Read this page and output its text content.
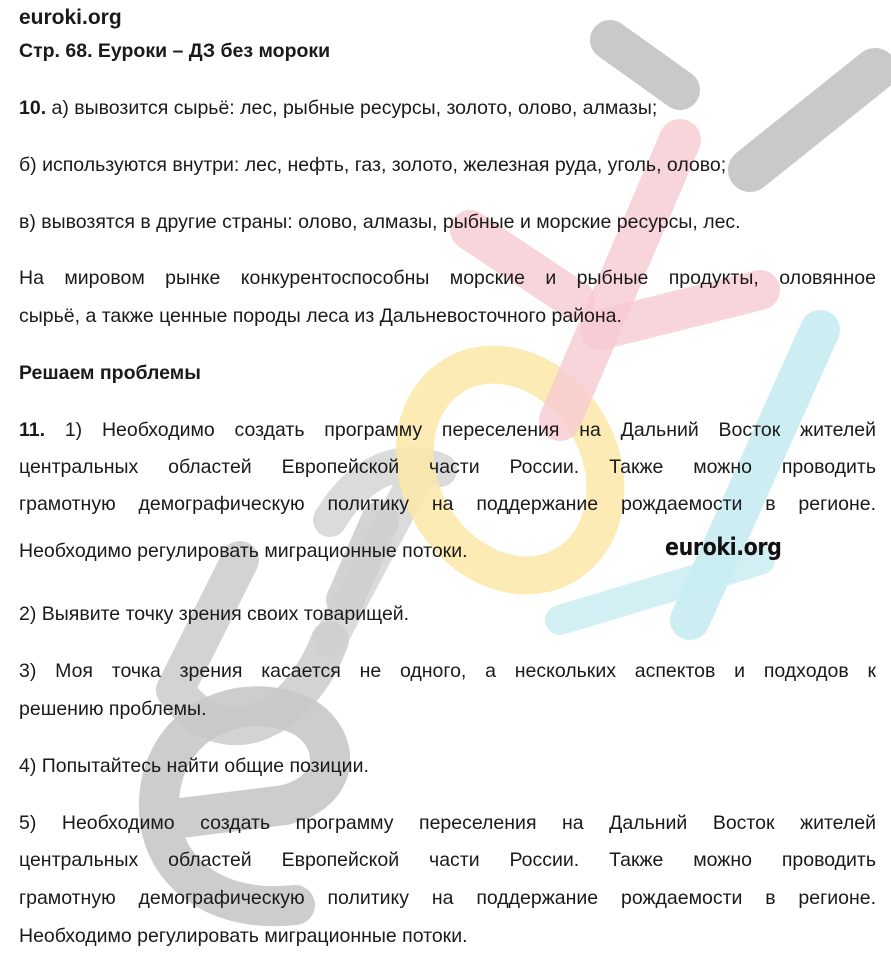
euroki.org
Стр. 68. Еуроки – ДЗ без мороки
10. а) вывозится сырьё: лес, рыбные ресурсы, золото, олово, алмазы;
б) используются внутри: лес, нефть, газ, золото, железная руда, уголь, олово;
в) вывозятся в другие страны: олово, алмазы, рыбные и морские ресурсы, лес.
На мировом рынке конкурентоспособны морские и рыбные продукты, оловянное
сырьё, а также ценные породы леса из Дальневосточного района.
Решаем проблемы
11. 1) Необходимо создать программу переселения на Дальний Восток жителей
центральных областей Европейской части России. Также можно проводить
грамотную демографическую политику на поддержание рождаемости в регионе.
Необходимо регулировать миграционные потоки.	euroki.org
2) Выявите точку зрения своих товарищей.
3) Моя точка зрения касается не одного, а нескольких аспектов и подходов к
решению проблемы.
4) Попытайтесь найти общие позиции.
5) Необходимо создать программу переселения на Дальний Восток жителей
центральных областей Европейской части России. Также можно проводить
грамотную демографическую политику на поддержание рождаемости в регионе.
Необходимо регулировать миграционные потоки.
